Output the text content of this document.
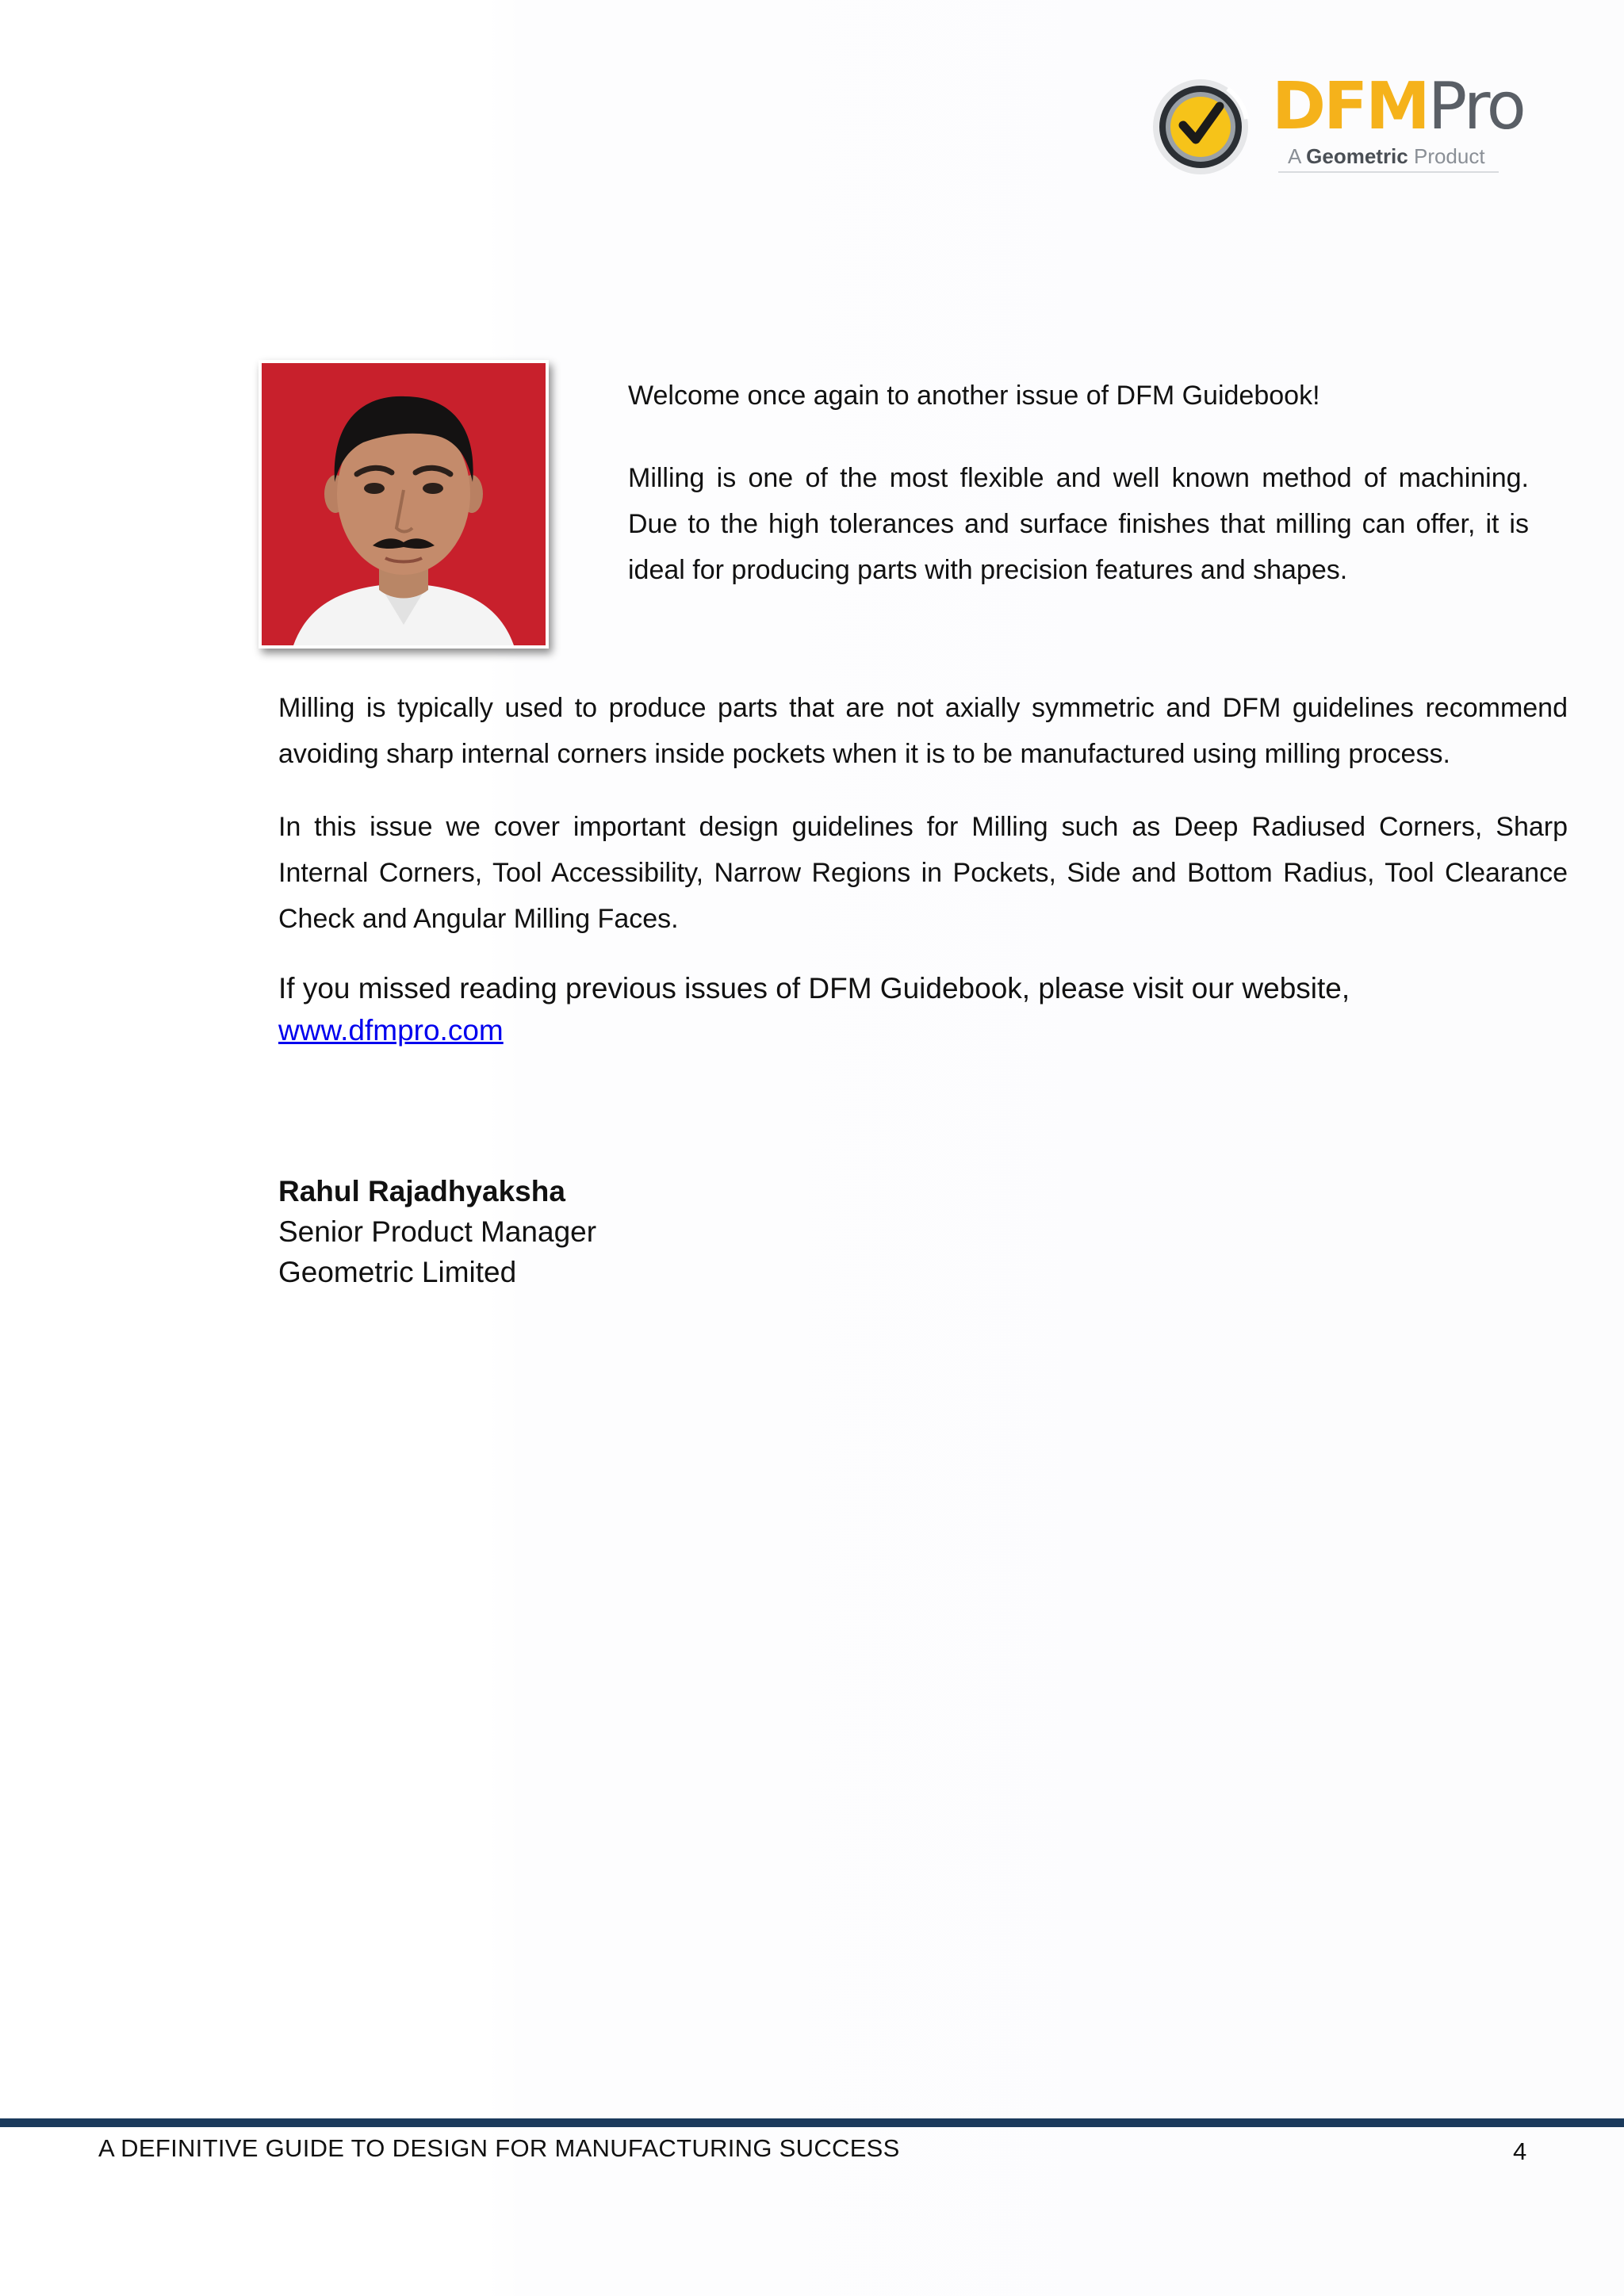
DFMPro
A Geometric Product

Welcome once again to another issue of DFM Guidebook!

Milling is one of the most flexible and well known method of machining. Due to the high tolerances and surface finishes that milling can offer, it is ideal for producing parts with precision features and shapes.

Milling is typically used to produce parts that are not axially symmetric and DFM guidelines recommend avoiding sharp internal corners inside pockets when it is to be manufactured using milling process.

In this issue we cover important design guidelines for Milling such as Deep Radiused Corners, Sharp Internal Corners, Tool Accessibility, Narrow Regions in Pockets, Side and Bottom Radius, Tool Clearance Check and Angular Milling Faces.

If you missed reading previous issues of DFM Guidebook, please visit our website,

www.dfmpro.com
Rahul Rajadhyaksha
Senior Product Manager
Geometric Limited
A DEFINITIVE GUIDE TO DESIGN FOR MANUFACTURING SUCCESS	4
